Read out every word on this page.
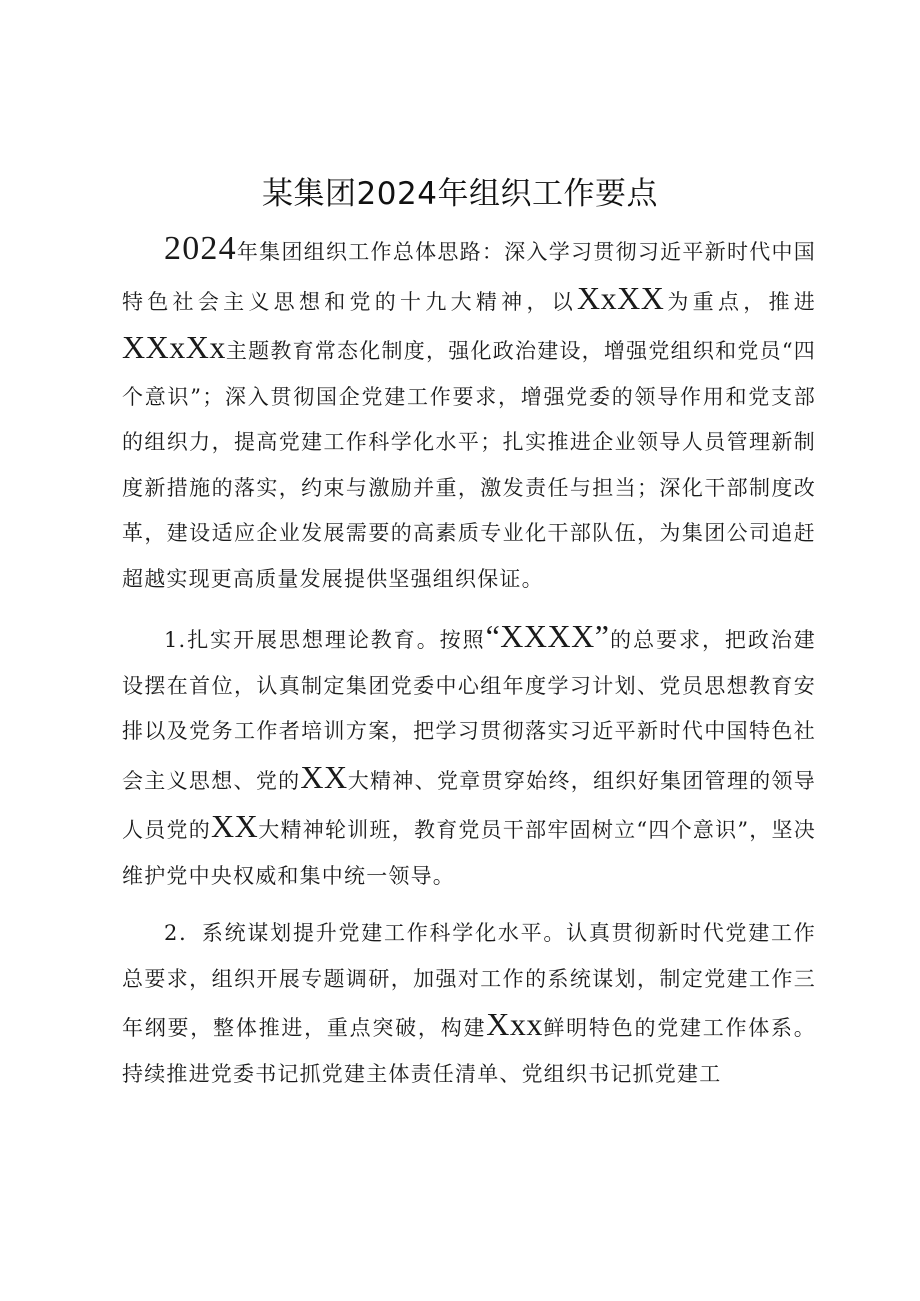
某集团2024年组织工作要点

2024年集团组织工作总体思路：深入学习贯彻习近平新时代中国特色社会主义思想和党的十九大精神，以XxXX为重点，推进XXxXx主题教育常态化制度，强化政治建设，增强党组织和党员“四个意识”；深入贯彻国企党建工作要求，增强党委的领导作用和党支部的组织力，提高党建工作科学化水平；扎实推进企业领导人员管理新制度新措施的落实，约束与激励并重，激发责任与担当；深化干部制度改革，建设适应企业发展需要的高素质专业化干部队伍，为集团公司追赶超越实现更高质量发展提供坚强组织保证。

1.扎实开展思想理论教育。按照“XXXX”的总要求，把政治建设摆在首位，认真制定集团党委中心组年度学习计划、党员思想教育安排以及党务工作者培训方案，把学习贯彻落实习近平新时代中国特色社会主义思想、党的XX大精神、党章贯穿始终，组织好集团管理的领导人员党的XX大精神轮训班，教育党员干部牢固树立“四个意识”，坚决维护党中央权威和集中统一领导。

2．系统谋划提升党建工作科学化水平。认真贯彻新时代党建工作总要求，组织开展专题调研，加强对工作的系统谋划，制定党建工作三年纲要，整体推进，重点突破，构建Xxx鲜明特色的党建工作体系。持续推进党委书记抓党建主体责任清单、党组织书记抓党建工
